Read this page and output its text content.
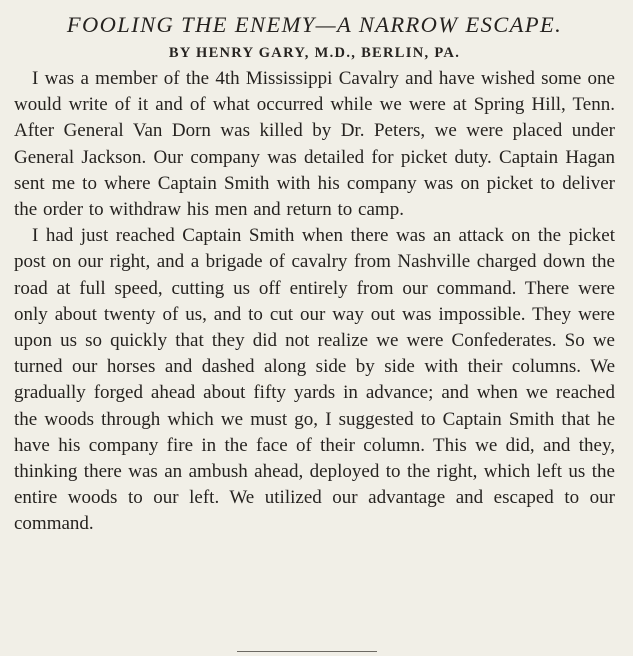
FOOLING THE ENEMY—A NARROW ESCAPE.
BY HENRY GARY, M.D., BERLIN, PA.

I was a member of the 4th Mississippi Cavalry and have wished some one would write of it and of what occurred while we were at Spring Hill, Tenn. After General Van Dorn was killed by Dr. Peters, we were placed under General Jackson. Our company was detailed for picket duty. Captain Hagan sent me to where Captain Smith with his company was on picket to deliver the order to withdraw his men and return to camp.

I had just reached Captain Smith when there was an attack on the picket post on our right, and a brigade of cavalry from Nashville charged down the road at full speed, cutting us off entirely from our command. There were only about twenty of us, and to cut our way out was impossible. They were upon us so quickly that they did not realize we were Confederates. So we turned our horses and dashed along side by side with their columns. We gradually forged ahead about fifty yards in advance; and when we reached the woods through which we must go, I suggested to Captain Smith that he have his company fire in the face of their column. This we did, and they, thinking there was an ambush ahead, deployed to the right, which left us the entire woods to our left. We utilized our advantage and escaped to our command.
